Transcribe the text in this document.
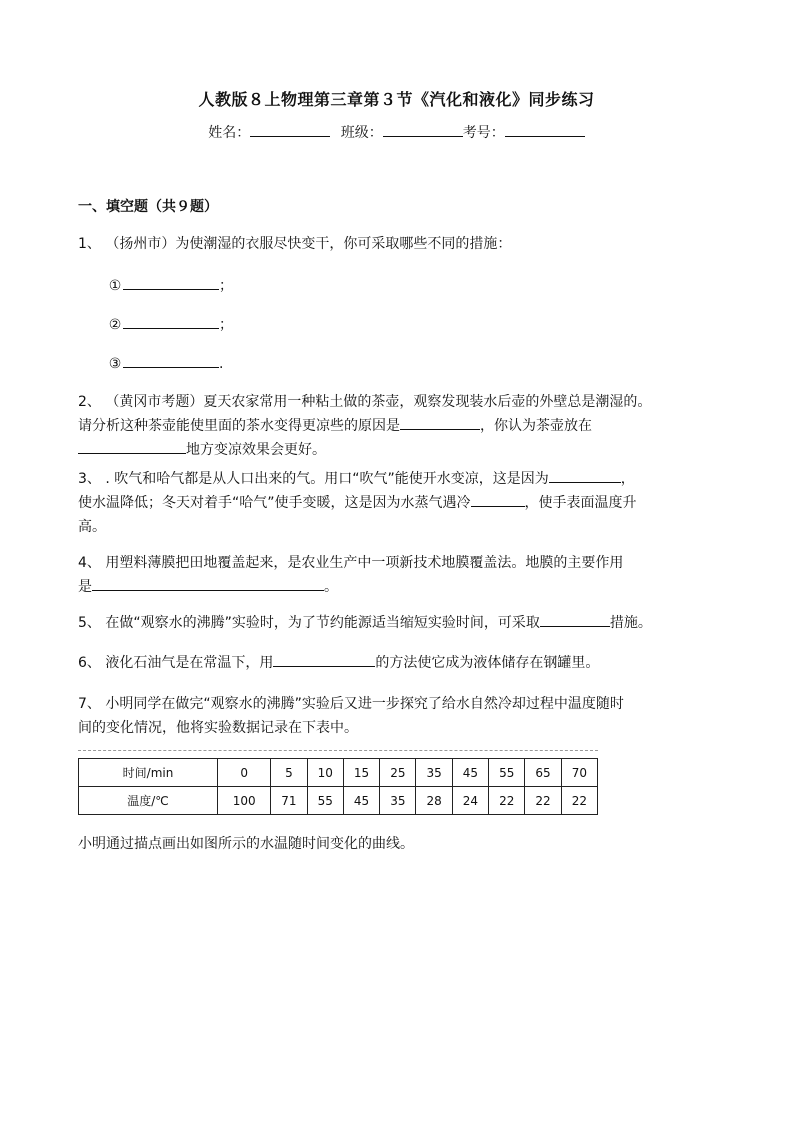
人教版８上物理第三章第３节《汽化和液化》同步练习
姓名：	班级：	考号：
一、填空题（共９题）
1、 （扬州市）为使潮湿的衣服尽快变干，你可采取哪些不同的措施：
①	；
②	；
③	.
2、 （黄冈市考题）夏天农家常用一种粘土做的茶壶，观察发现装水后壶的外壁总是潮湿的。
请分析这种茶壶能使里面的茶水变得更凉些的原因是	，你认为茶壶放在
地方变凉效果会更好。
3、 . 吹气和哈气都是从人口出来的气。用口“吹气”能使开水变凉，这是因为	，
使水温降低；冬天对着手“哈气”使手变暖，这是因为水蒸气遇冷	，使手表面温度升
高。
4、 用塑料薄膜把田地覆盖起来，是农业生产中一项新技术地膜覆盖法。地膜的主要作用
是	。
5、 在做“观察水的沸腾”实验时，为了节约能源适当缩短实验时间，可采取	措施。
6、 液化石油气是在常温下，用	的方法使它成为液体储存在钢罐里。
7、 小明同学在做完“观察水的沸腾”实验后又进一步探究了给水自然冷却过程中温度随时
间的变化情况，他将实验数据记录在下表中。
时间/min	0	5	10	15	25	35	45	55	65	70
温度/℃	100	71	55	45	35	28	24	22	22	22
小明通过描点画出如图所示的水温随时间变化的曲线。
